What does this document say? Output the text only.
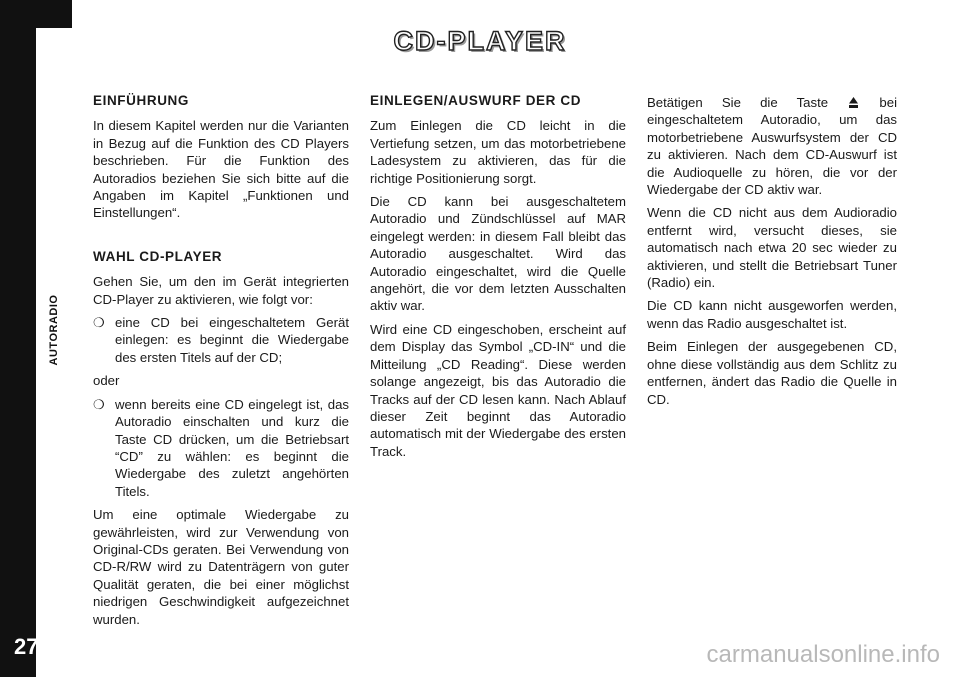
AUTORADIO
272
CD-PLAYER
EINFÜHRUNG

In diesem Kapitel werden nur die Varianten in Bezug auf die Funktion des CD Players beschrieben. Für die Funktion des Autoradios beziehen Sie sich bitte auf die Angaben im Kapitel „Funktionen und Einstellungen“.

WAHL CD-PLAYER

Gehen Sie, um den im Gerät integrierten CD-Player zu aktivieren, wie folgt vor:

❍ eine CD bei eingeschaltetem Gerät einlegen: es beginnt die Wiedergabe des ersten Titels auf der CD;

oder

❍ wenn bereits eine CD eingelegt ist, das Autoradio einschalten und kurz die Taste CD drücken, um die Betriebsart “CD” zu wählen: es beginnt die Wiedergabe des zuletzt angehörten Titels.

Um eine optimale Wiedergabe zu gewährleisten, wird zur Verwendung von Original-CDs geraten. Bei Verwendung von CD-R/RW wird zu Datenträgern von guter Qualität geraten, die bei einer möglichst niedrigen Geschwindigkeit aufgezeichnet wurden.

EINLEGEN/AUSWURF DER CD

Zum Einlegen die CD leicht in die Vertiefung setzen, um das motorbetriebene Ladesystem zu aktivieren, das für die richtige Positionierung sorgt.

Die CD kann bei ausgeschaltetem Autoradio und Zündschlüssel auf MAR eingelegt werden: in diesem Fall bleibt das Autoradio ausgeschaltet. Wird das Autoradio eingeschaltet, wird die Quelle angehört, die vor dem letzten Ausschalten aktiv war.

Wird eine CD eingeschoben, erscheint auf dem Display das Symbol „CD-IN“ und die Mitteilung „CD Reading“. Diese werden solange angezeigt, bis das Autoradio die Tracks auf der CD lesen kann. Nach Ablauf dieser Zeit beginnt das Autoradio automatisch mit der Wiedergabe des ersten Track.

Betätigen Sie die Taste	bei eingeschaltetem Autoradio, um das motorbetriebene Auswurfsystem der CD zu aktivieren. Nach dem CD-Auswurf ist die Audioquelle zu hören, die vor der Wiedergabe der CD aktiv war.

Wenn die CD nicht aus dem Audioradio entfernt wird, versucht dieses, sie automatisch nach etwa 20 sec wieder zu aktivieren, und stellt die Betriebsart Tuner (Radio) ein.

Die CD kann nicht ausgeworfen werden, wenn das Radio ausgeschaltet ist.

Beim Einlegen der ausgegebenen CD, ohne diese vollständig aus dem Schlitz zu entfernen, ändert das Radio die Quelle in CD.

carmanualsonline.info
